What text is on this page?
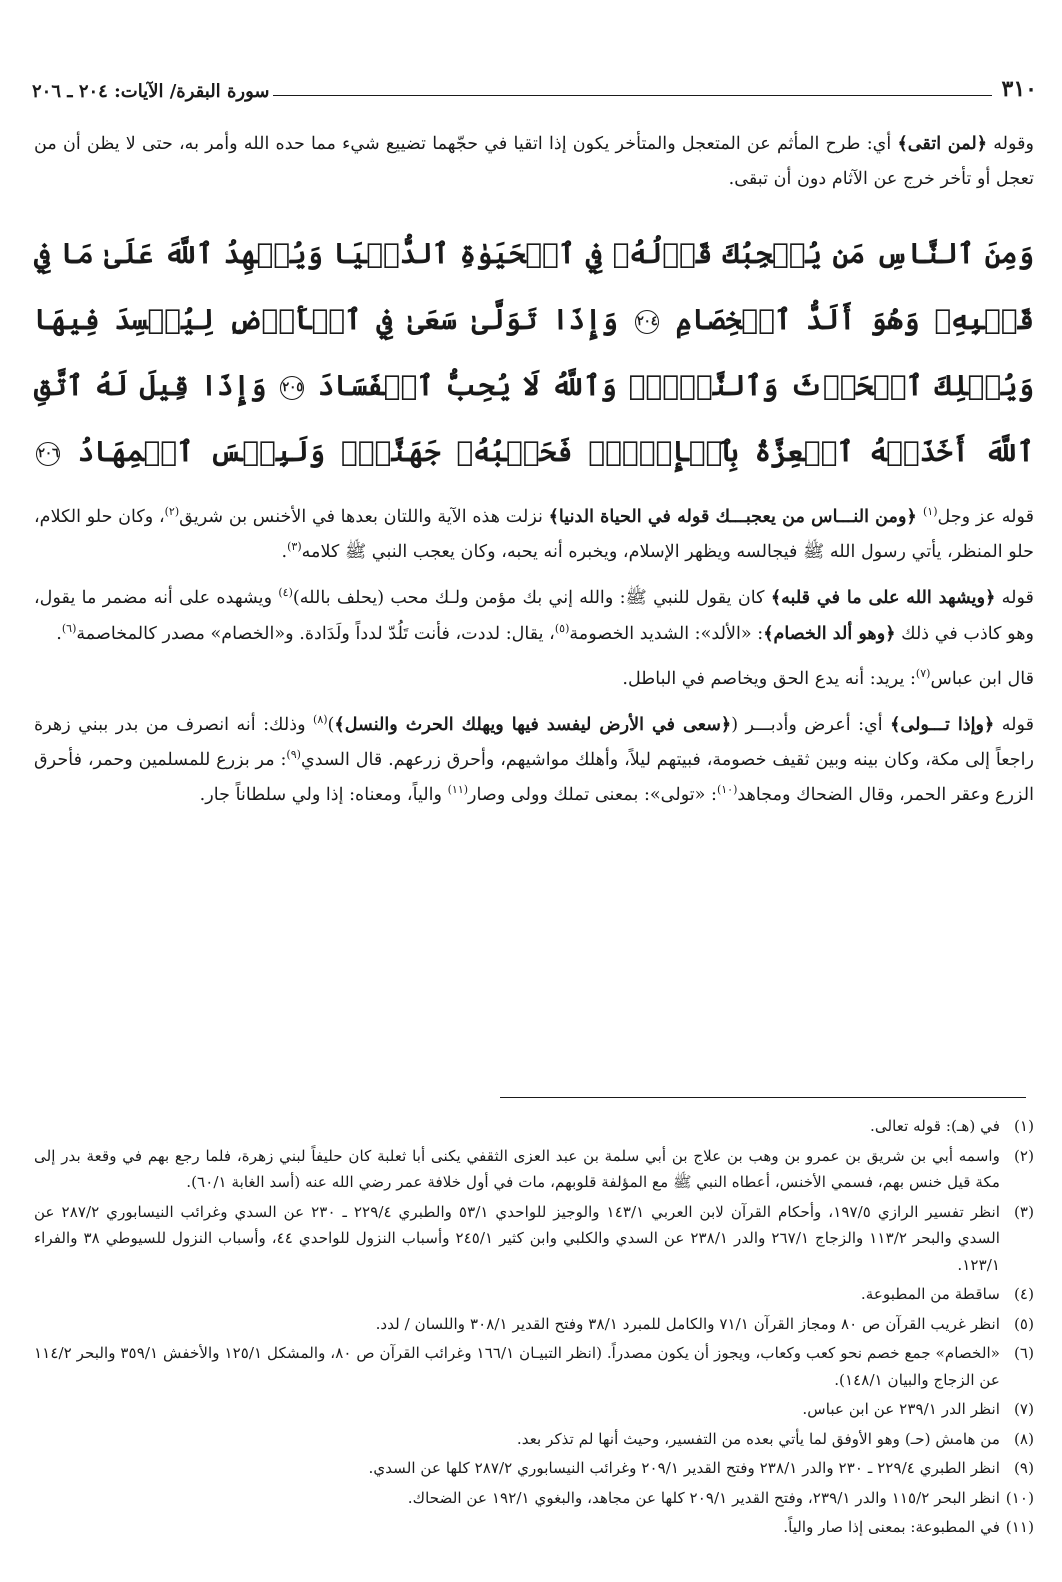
٣١٠
سورة البقرة/ الآيات: ٢٠٤ ـ ٢٠٦

وقوله ﴿لمن اتقى﴾ أي: طرح المأثم عن المتعجل والمتأخر يكون إذا اتقيا في حجّهما تضييع شيء مما حده الله وأمر به، حتى لا يظن أن من تعجل أو تأخر خرج عن الآثام دون أن تبقى.

وَمِنَ ٱلنَّاسِ مَن يُعۡجِبُكَ قَوۡلُهُۥ فِي ٱلۡحَيَوٰةِ ٱلدُّنۡيَا وَيُشۡهِدُ ٱللَّهَ عَلَىٰ مَا فِي قَلۡبِهِۦ وَهُوَ أَلَدُّ ٱلۡخِصَامِ ٢٠٤ وَإِذَا تَوَلَّىٰ سَعَىٰ فِي ٱلۡأَرۡضِ لِيُفۡسِدَ فِيهَا وَيُهۡلِكَ ٱلۡحَرۡثَ وَٱلنَّسۡلَۚ وَٱللَّهُ لَا يُحِبُّ ٱلۡفَسَادَ ٢٠٥ وَإِذَا قِيلَ لَهُ ٱتَّقِ ٱللَّهَ أَخَذَتۡهُ ٱلۡعِزَّةُ بِٱلۡإِثۡمِۚ فَحَسۡبُهُۥ جَهَنَّمُۖ وَلَبِئۡسَ ٱلۡمِهَادُ ٢٠٦

قوله عز وجل$^{(١)}$ ﴿ومن النـــاس من يعجبـــك قوله في الحياة الدنيا﴾ نزلت هذه الآية واللتان بعدها في الأخنس بن شريق$^{(٢)}$، وكان حلو الكلام، حلو المنظر، يأتي رسول الله ﷺ فيجالسه ويظهر الإسلام، ويخبره أنه يحبه، وكان يعجب النبي ﷺ كلامه$^{(٣)}$.

قوله ﴿ويشهد الله على ما في قلبه﴾ كان يقول للنبي ﷺ: والله إني بك مؤمن ولـك محب (يحلف بالله)$^{(٤)}$ ويشهده على أنه مضمر ما يقول، وهو كاذب في ذلك ﴿وهو ألد الخصام﴾: «الألد»: الشديد الخصومة$^{(٥)}$، يقال: لددت، فأنت تَلُدّ لدداً ولَدَادة. و«الخصام» مصدر كالمخاصمة$^{(٦)}$.

قال ابن عباس$^{(٧)}$: يريد: أنه يدع الحق ويخاصم في الباطل.

قوله ﴿وإذا تـــولى﴾ أي: أعرض وأدبـــر (﴿سعى في الأرض ليفسد فيها ويهلك الحرث والنسل﴾)$^{(٨)}$ وذلك: أنه انصرف من بدر ببني زهرة راجعاً إلى مكة، وكان بينه وبين ثقيف خصومة، فبيتهم ليلاً، وأهلك مواشيهم، وأحرق زرعهم. قال السدي$^{(٩)}$: مر بزرع للمسلمين وحمر، فأحرق الزرع وعقر الحمر، وقال الضحاك ومجاهد$^{(١٠)}$: «تولى»: بمعنى تملك وولى وصار$^{(١١)}$ والياً، ومعناه: إذا ولي سلطاناً جار.

(١)
في (هـ): قوله تعالى.
(٢)
واسمه أبي بن شريق بن عمرو بن وهب بن علاج بن أبي سلمة بن عبد العزى الثقفي يكنى أبا ثعلبة كان حليفاً لبني زهرة، فلما رجع بهم في وقعة بدر إلى مكة قيل خنس بهم، فسمي الأخنس، أعطاه النبي ﷺ مع المؤلفة قلوبهم، مات في أول خلافة عمر رضي الله عنه (أسد الغابة ٦٠/١).
(٣)
انظر تفسير الرازي ١٩٧/٥، وأحكام القرآن لابن العربي ١٤٣/١ والوجيز للواحدي ٥٣/١ والطبري ٢٢٩/٤ ـ ٢٣٠ عن السدي وغرائب النيسابوري ٢٨٧/٢ عن السدي والبحر ١١٣/٢ والزجاج ٢٦٧/١ والدر ٢٣٨/١ عن السدي والكلبي وابن كثير ٢٤٥/١ وأسباب النزول للواحدي ٤٤، وأسباب النزول للسيوطي ٣٨ والفراء ١٢٣/١.
(٤)
ساقطة من المطبوعة.
(٥)
انظر غريب القرآن ص ٨٠ ومجاز القرآن ٧١/١ والكامل للمبرد ٣٨/١ وفتح القدير ٣٠٨/١ واللسان / لدد.
(٦)
«الخصام» جمع خصم نحو كعب وكعاب، ويجوز أن يكون مصدراً. (انظر التبيـان ١٦٦/١ وغرائب القرآن ص ٨٠، والمشكل ١٢٥/١ والأخفش ٣٥٩/١ والبحر ١١٤/٢ عن الزجاج والبيان ١٤٨/١).
(٧)
انظر الدر ٢٣٩/١ عن ابن عباس.
(٨)
من هامش (حـ) وهو الأوفق لما يأتي بعده من التفسير، وحيث أنها لم تذكر بعد.
(٩)
انظر الطبري ٢٢٩/٤ ـ ٢٣٠ والدر ٢٣٨/١ وفتح القدير ٢٠٩/١ وغرائب النيسابوري ٢٨٧/٢ كلها عن السدي.
(١٠)
انظر البحر ١١٥/٢ والدر ٢٣٩/١، وفتح القدير ٢٠٩/١ كلها عن مجاهد، والبغوي ١٩٢/١ عن الضحاك.
(١١)
في المطبوعة: بمعنى إذا صار والياً.
